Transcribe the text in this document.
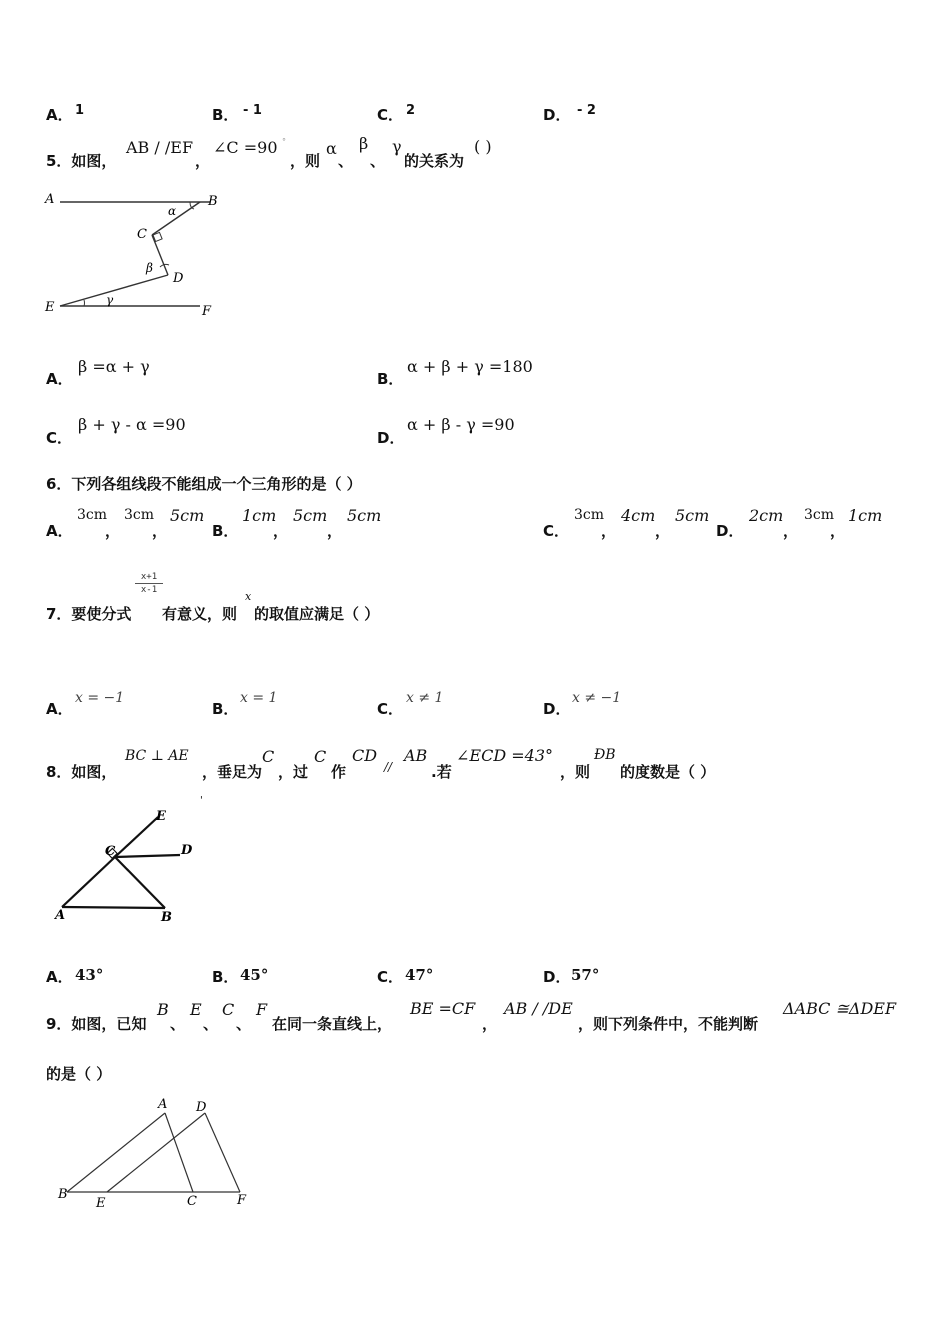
A． 1	B． - 1	C． 2	D． - 2
5．如图，
AB / /EF
，
∠C =90 °
，则
α
、
β
、
γ
的关系为
( )
A	B
C
D
E	F
α
β
γ
A．
β =α + γ
B．
α + β + γ =180
C．
β + γ - α =90
D．
α + β - γ =90
6．下列各组线段不能组成一个三角形的是（ ）
A．
3cm
，
3cm
，
5cm
B．
1cm
，
5cm
，
5cm
C．
3cm
，
4cm
，
5cm
D．
2cm
，
3cm
，
1cm
7．要使分式
x+1
x-1
有意义，则
x
的取值应满足（ ）
A．
x = −1
B．
x = 1
C．
x ≠ 1
D．
x ≠ −1
8．如图，
BC ⊥ AE
，垂足为
C
，过
C
作
CD
//
AB
.若
∠ECD =43°
，则
ÐB
的度数是（ ）
'
E
C	D
A	B
A． 43°	B． 45°	C． 47°	D． 57°
9．如图，已知
B
、
E
、
C
、
F
在同一条直线上，
BE =CF
，
AB / /DE
，则下列条件中，不能判断
ΔABC ≅ΔDEF
的是（ ）
A D
B
E	C	F
